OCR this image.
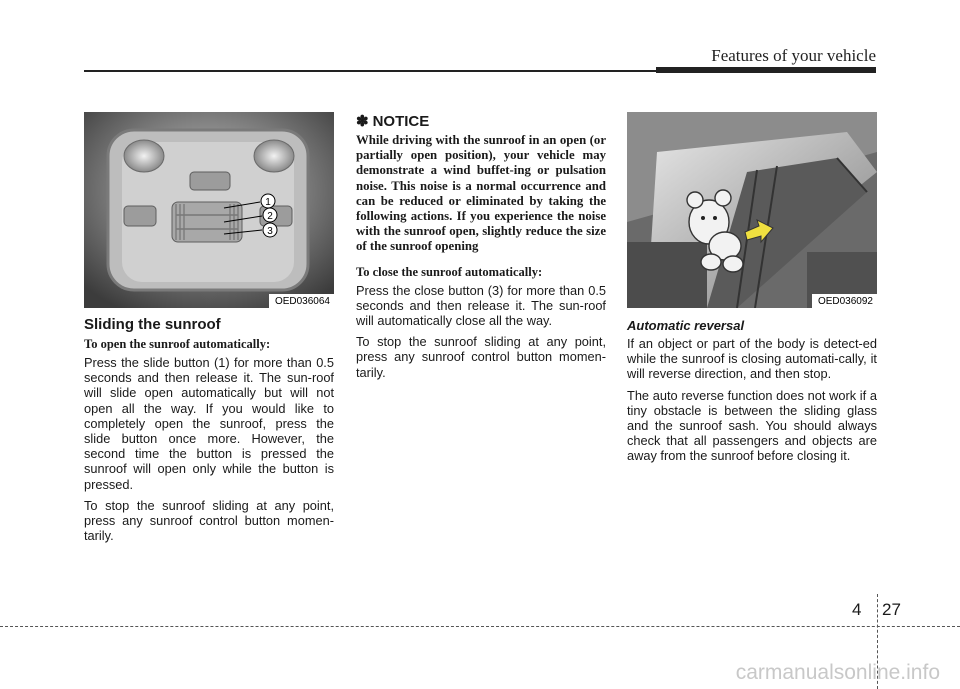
Features of your vehicle
1
2
3
OED036064
Sliding the sunroof
To open the sunroof automatically:

Press the slide button (1) for more than 0.5 seconds and then release it. The sun-roof will slide open automatically but will not open all the way. If you would like to completely open the sunroof, press the slide button once more. However, the second time the button is pressed the sunroof will open only while the button is pressed.

To stop the sunroof sliding at any point, press any sunroof control button momen-tarily.

✽ NOTICE
While driving with the sunroof in an open (or partially open position), your vehicle may demonstrate a wind buffet-ing or pulsation noise. This noise is a normal occurrence and can be reduced or eliminated by taking the following actions. If you experience the noise with the sunroof open, slightly reduce the size of the sunroof opening
To close the sunroof automatically:

Press the close button (3) for more than 0.5 seconds and then release it. The sun-roof will automatically close all the way.

To stop the sunroof sliding at any point, press any sunroof control button momen-tarily.

OED036092
Automatic reversal

If an object or part of the body is detect-ed while the sunroof is closing automati-cally, it will reverse direction, and then stop.

The auto reverse function does not work if a tiny obstacle is between the sliding glass and the sunroof sash. You should always check that all passengers and objects are away from the sunroof before closing it.

4 27
carmanualsonline.info
